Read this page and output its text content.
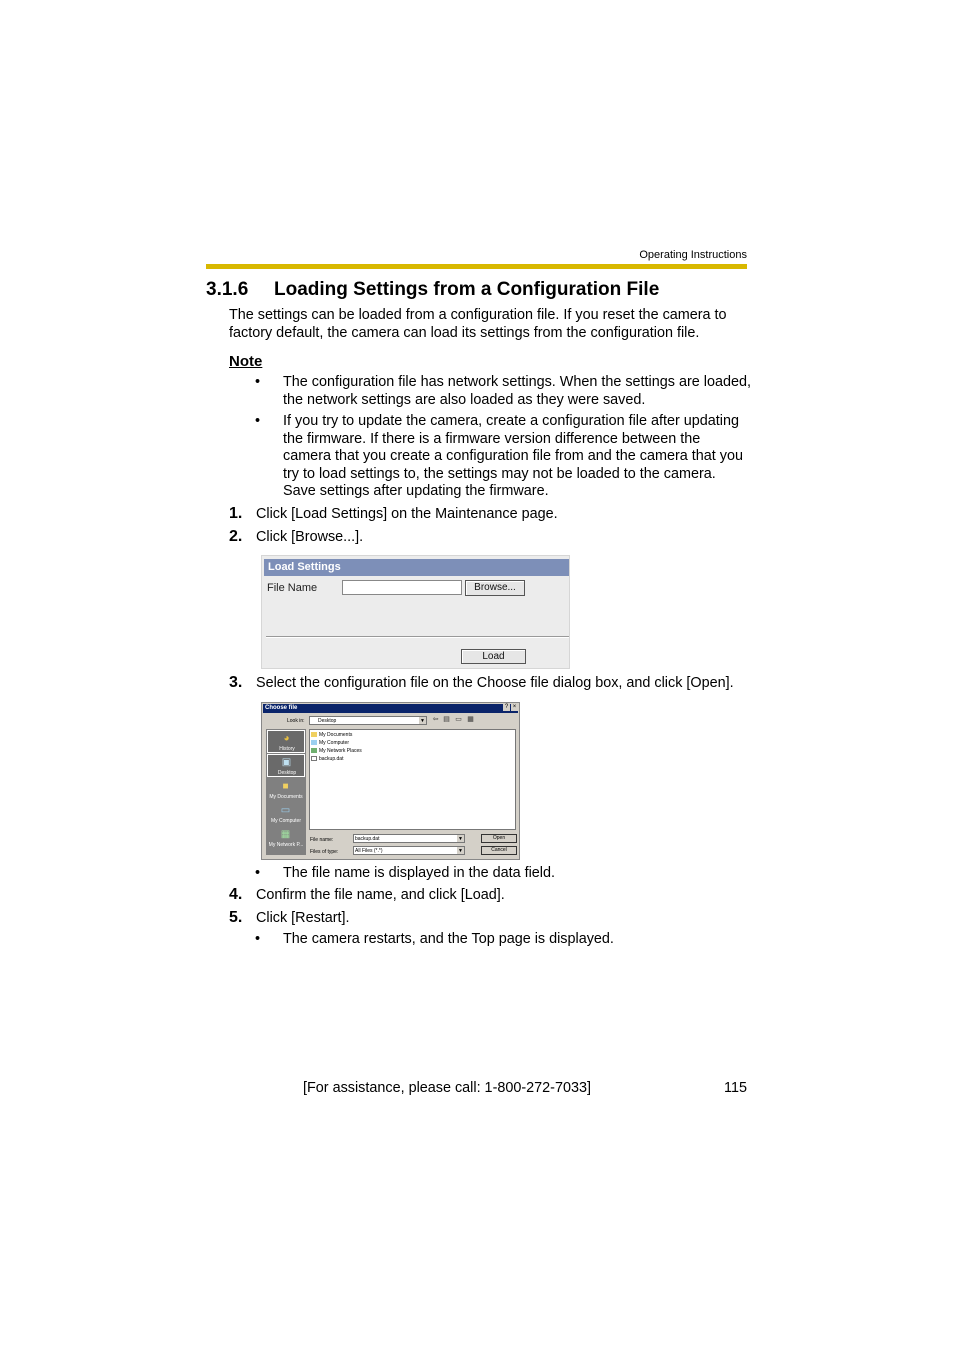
Operating Instructions
3.1.6 Loading Settings from a Configuration File
The settings can be loaded from a configuration file. If you reset the camera to factory default, the camera can load its settings from the configuration file.
Note
• The configuration file has network settings. When the settings are loaded, the network settings are also loaded as they were saved.
• If you try to update the camera, create a configuration file after updating the firmware. If there is a firmware version difference between the camera that you create a configuration file from and the camera that you try to load settings to, the settings may not be loaded to the camera. Save settings after updating the firmware.
1. Click [Load Settings] on the Maintenance page.
2. Click [Browse...].
Load Settings
File Name	Browse...
Load
3. Select the configuration file on the Choose file dialog box, and click [Open].
Choose file	? ×
Look in:	Desktop	▼ ⇦ ▤ ▭ ▦
◕
History
▣
Desktop
■
My Documents
▭
My Computer
▦
My Network P...
My Documents
My Computer
My Network Places
backup.dat
File name:	backup.dat	▼
Files of type:	All Files (*.*)	▼
Open
Cancel
• The file name is displayed in the data field.
4. Confirm the file name, and click [Load].
5. Click [Restart].
• The camera restarts, and the Top page is displayed.
[For assistance, please call: 1-800-272-7033]	115
